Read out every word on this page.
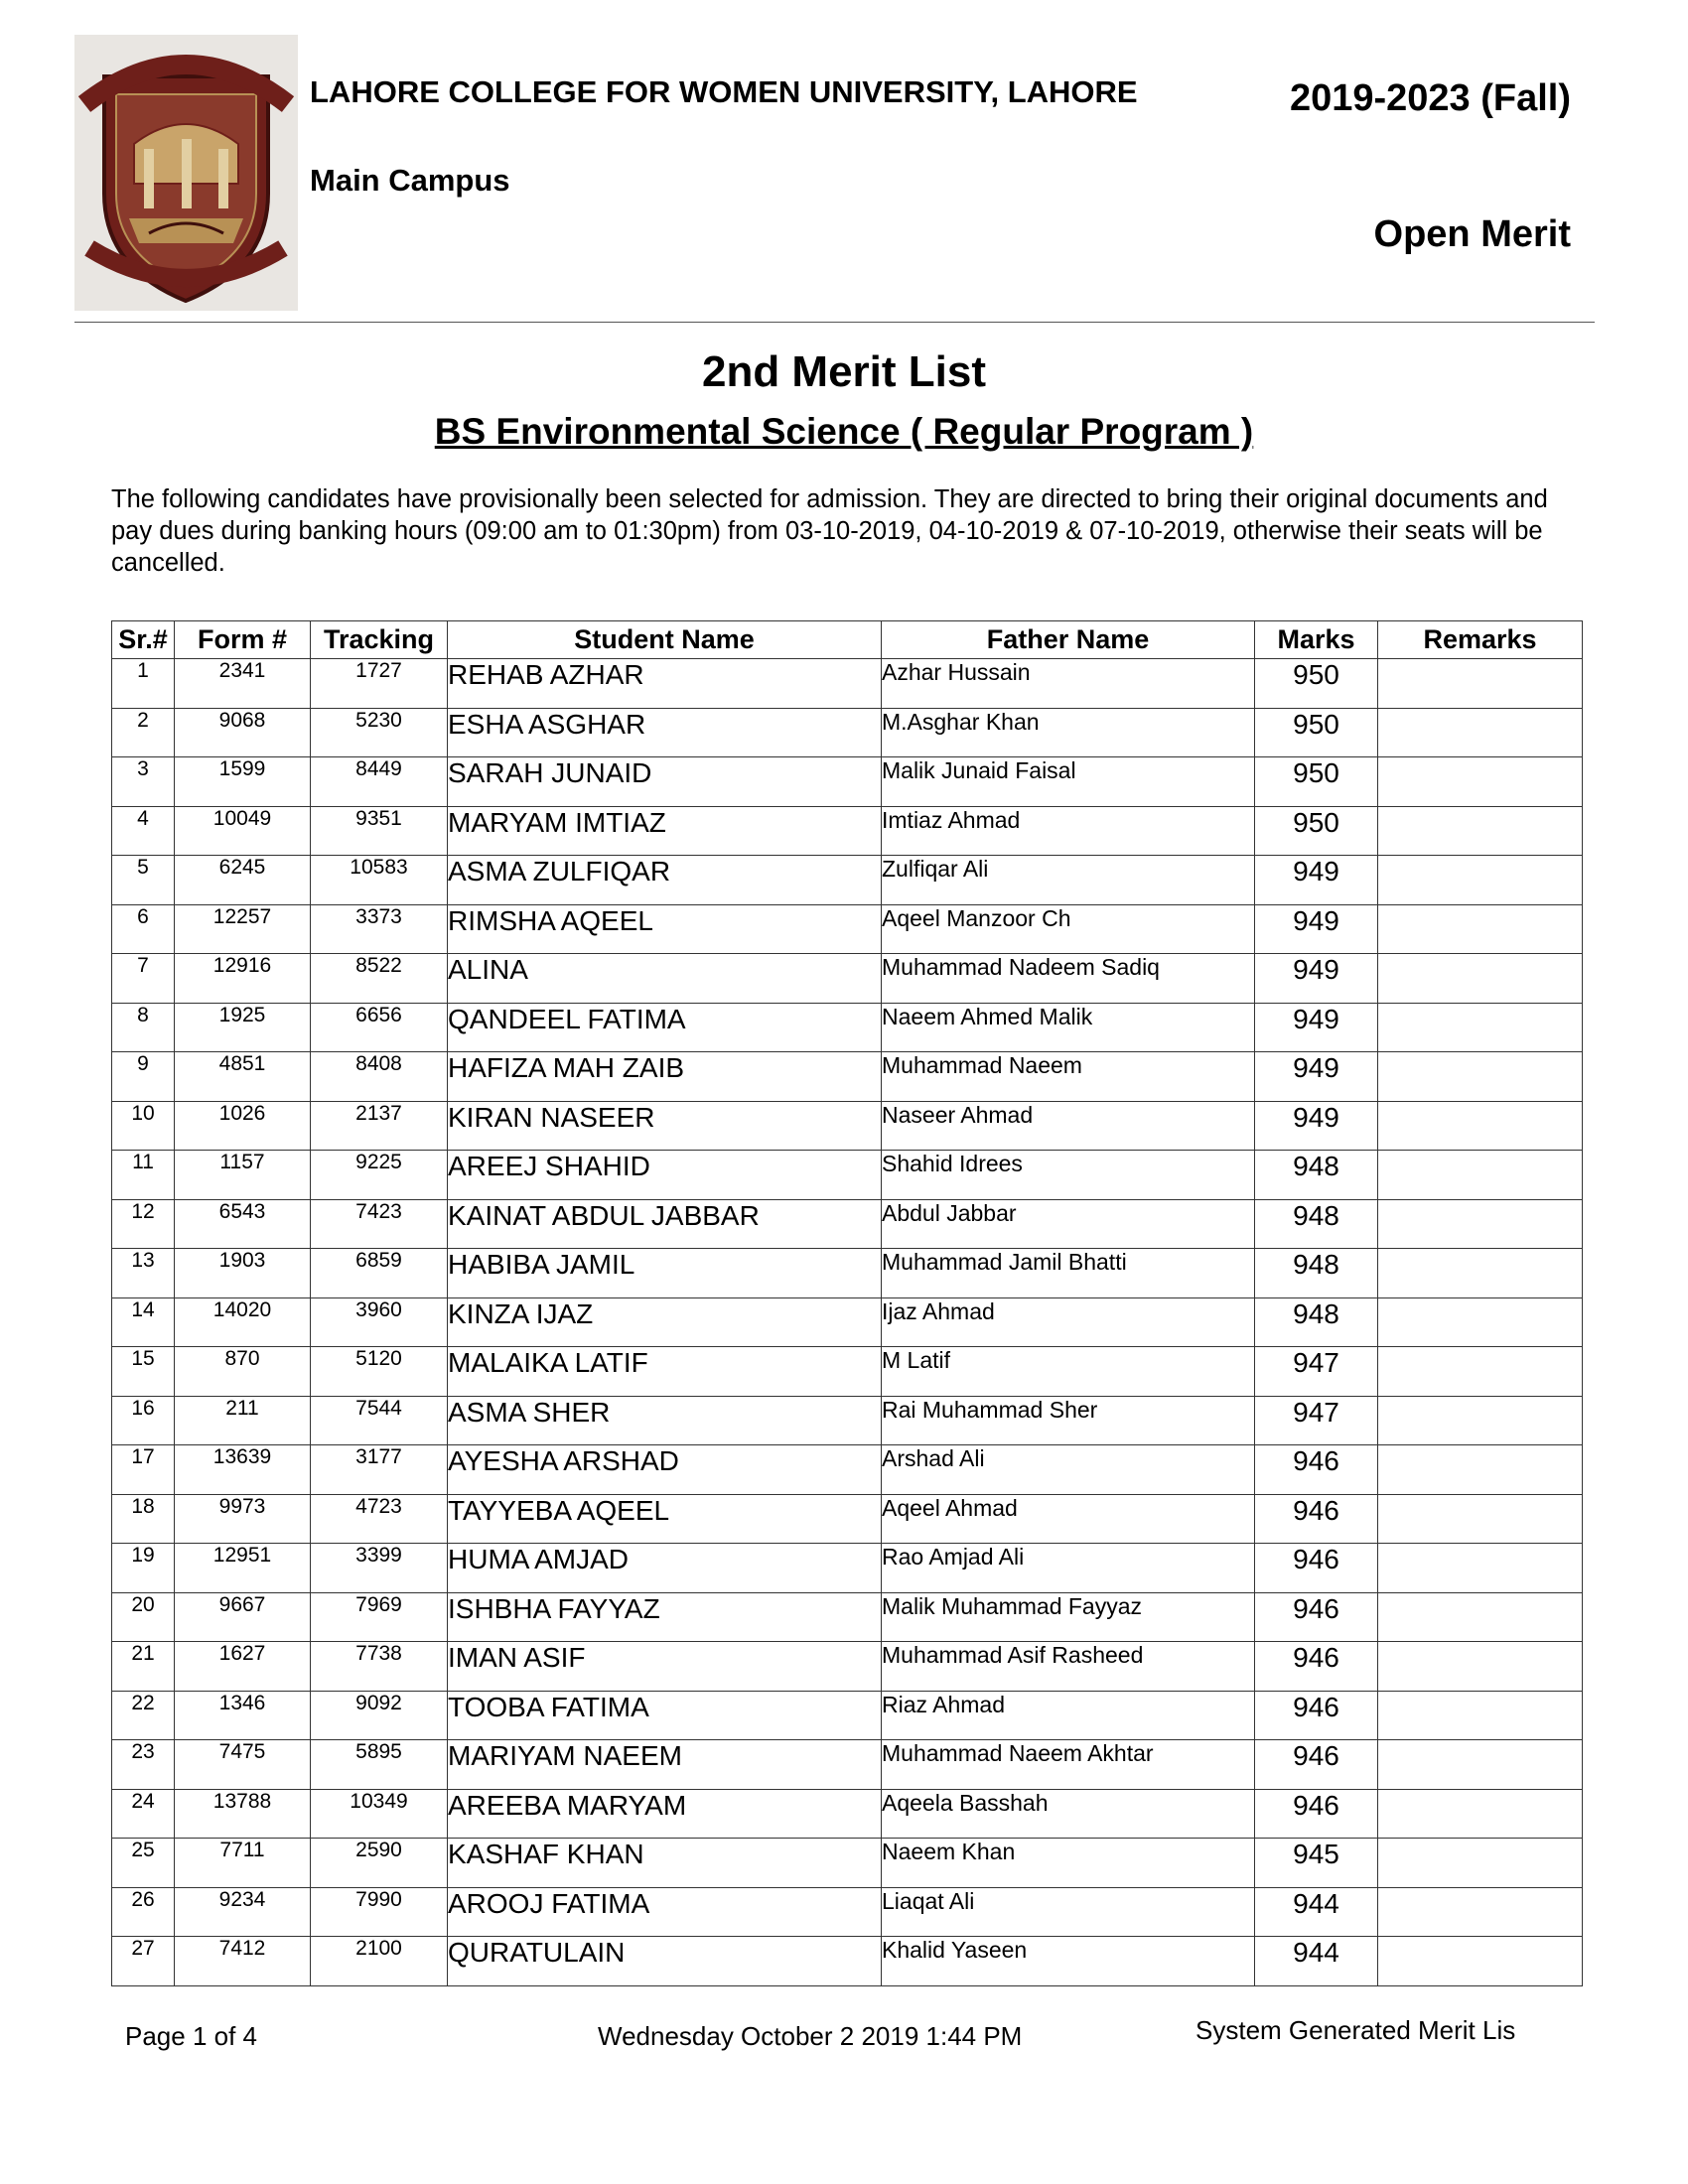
LAHORE COLLEGE FOR WOMEN UNIVERSITY, LAHORE	2019-2023 (Fall)
Main Campus
Open Merit
2nd Merit List
BS Environmental Science ( Regular Program )
The following candidates have provisionally been selected for admission. They are directed to bring their original documents and pay dues during banking hours (09:00 am to 01:30pm) from 03-10-2019, 04-10-2019 & 07-10-2019, otherwise their seats will be cancelled.
Sr.#	Form #	Tracking	Student Name	Father Name	Marks	Remarks
1	2341	1727	REHAB AZHAR	Azhar Hussain	950	
2	9068	5230	ESHA ASGHAR	M.Asghar Khan	950	
3	1599	8449	SARAH JUNAID	Malik Junaid Faisal	950	
4	10049	9351	MARYAM IMTIAZ	Imtiaz Ahmad	950	
5	6245	10583	ASMA ZULFIQAR	Zulfiqar Ali	949	
6	12257	3373	RIMSHA AQEEL	Aqeel Manzoor Ch	949	
7	12916	8522	ALINA	Muhammad Nadeem Sadiq	949	
8	1925	6656	QANDEEL FATIMA	Naeem Ahmed Malik	949	
9	4851	8408	HAFIZA MAH ZAIB	Muhammad Naeem	949	
10	1026	2137	KIRAN NASEER	Naseer Ahmad	949	
11	1157	9225	AREEJ SHAHID	Shahid Idrees	948	
12	6543	7423	KAINAT ABDUL JABBAR	Abdul Jabbar	948	
13	1903	6859	HABIBA JAMIL	Muhammad Jamil Bhatti	948	
14	14020	3960	KINZA IJAZ	Ijaz Ahmad	948	
15	870	5120	MALAIKA LATIF	M Latif	947	
16	211	7544	ASMA SHER	Rai Muhammad Sher	947	
17	13639	3177	AYESHA ARSHAD	Arshad Ali	946	
18	9973	4723	TAYYEBA AQEEL	Aqeel Ahmad	946	
19	12951	3399	HUMA AMJAD	Rao Amjad Ali	946	
20	9667	7969	ISHBHA FAYYAZ	Malik Muhammad Fayyaz	946	
21	1627	7738	IMAN ASIF	Muhammad Asif Rasheed	946	
22	1346	9092	TOOBA FATIMA	Riaz Ahmad	946	
23	7475	5895	MARIYAM NAEEM	Muhammad Naeem Akhtar	946	
24	13788	10349	AREEBA MARYAM	Aqeela Basshah	946	
25	7711	2590	KASHAF KHAN	Naeem Khan	945	
26	9234	7990	AROOJ FATIMA	Liaqat Ali	944	
27	7412	2100	QURATULAIN	Khalid Yaseen	944	
Page 1 of 4	Wednesday October 2 2019 1:44 PM	System Generated Merit Lis
